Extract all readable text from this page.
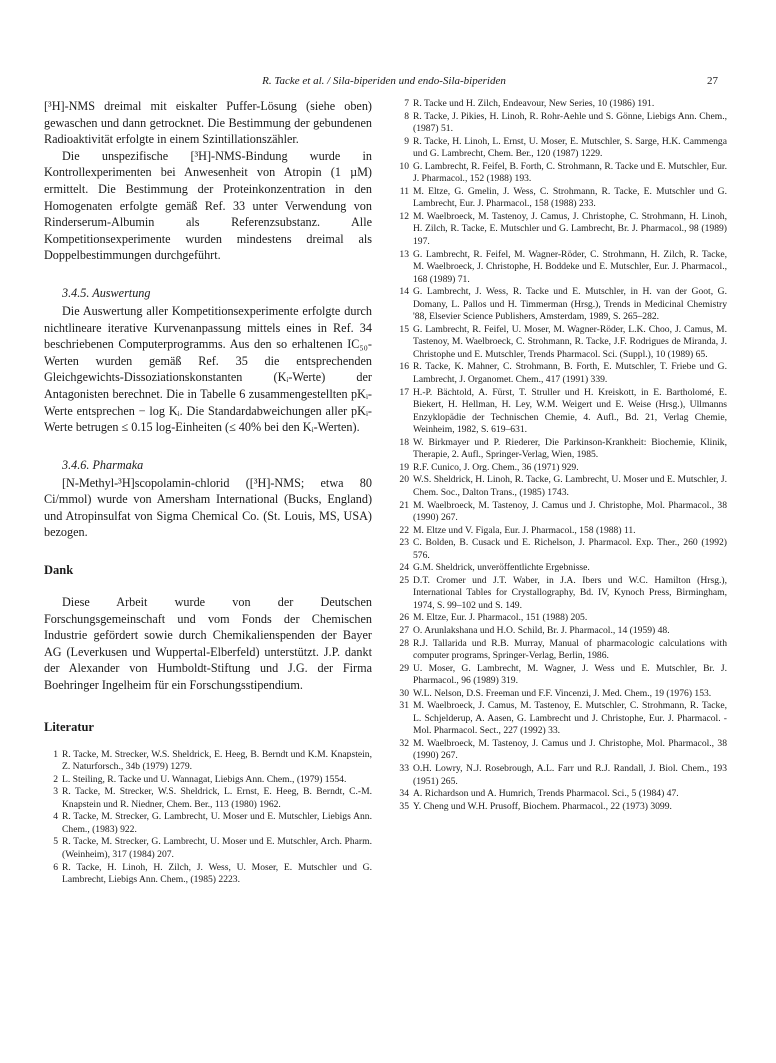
R. Tacke et al. / Sila-biperiden und endo-Sila-biperiden	27

[³H]-NMS dreimal mit eiskalter Puffer-Lösung (siehe oben) gewaschen und dann getrocknet. Die Bestimmung der gebundenen Radioaktivität erfolgte in einem Szintillationszähler.

Die unspezifische [³H]-NMS-Bindung wurde in Kontrollexperimenten bei Anwesenheit von Atropin (1 µM) ermittelt. Die Bestimmung der Proteinkonzentration in den Homogenaten erfolgte gemäß Ref. 33 unter Verwendung von Rinderserum-Albumin als Referenzsubstanz. Alle Kompetitionsexperimente wurden mindestens dreimal als Doppelbestimmungen durchgeführt.

3.4.5. Auswertung

Die Auswertung aller Kompetitionsexperimente erfolgte durch nichtlineare iterative Kurvenanpassung mittels eines in Ref. 34 beschriebenen Computerprogramms. Aus den so erhaltenen IC₅₀-Werten wurden gemäß Ref. 35 die entsprechenden Gleichgewichts-Dissoziationskonstanten (Kᵢ-Werte) der Antagonisten berechnet. Die in Tabelle 6 zusammengestellten pKᵢ-Werte entsprechen − log Kᵢ. Die Standardabweichungen aller pKᵢ-Werte betrugen ≤ 0.15 log-Einheiten (≤ 40% bei den Kᵢ-Werten).

3.4.6. Pharmaka

[N-Methyl-³H]scopolamin-chlorid ([³H]-NMS; etwa 80 Ci/mmol) wurde von Amersham International (Bucks, England) und Atropinsulfat von Sigma Chemical Co. (St. Louis, MS, USA) bezogen.

Dank

Diese Arbeit wurde von der Deutschen Forschungsgemeinschaft und vom Fonds der Chemischen Industrie gefördert sowie durch Chemikalienspenden der Bayer AG (Leverkusen und Wuppertal-Elberfeld) unterstützt. J.P. dankt der Alexander von Humboldt-Stiftung und J.G. der Firma Boehringer Ingelheim für ein Forschungsstipendium.

Literatur
1 R. Tacke, M. Strecker, W.S. Sheldrick, E. Heeg, B. Berndt und K.M. Knapstein, Z. Naturforsch., 34b (1979) 1279.
2 L. Steiling, R. Tacke und U. Wannagat, Liebigs Ann. Chem., (1979) 1554.
3 R. Tacke, M. Strecker, W.S. Sheldrick, L. Ernst, E. Heeg, B. Berndt, C.-M. Knapstein und R. Niedner, Chem. Ber., 113 (1980) 1962.
4 R. Tacke, M. Strecker, G. Lambrecht, U. Moser und E. Mutschler, Liebigs Ann. Chem., (1983) 922.
5 R. Tacke, M. Strecker, G. Lambrecht, U. Moser und E. Mutschler, Arch. Pharm. (Weinheim), 317 (1984) 207.
6 R. Tacke, H. Linoh, H. Zilch, J. Wess, U. Moser, E. Mutschler und G. Lambrecht, Liebigs Ann. Chem., (1985) 2223.
7 R. Tacke und H. Zilch, Endeavour, New Series, 10 (1986) 191.
8 R. Tacke, J. Pikies, H. Linoh, R. Rohr-Aehle und S. Gönne, Liebigs Ann. Chem., (1987) 51.
9 R. Tacke, H. Linoh, L. Ernst, U. Moser, E. Mutschler, S. Sarge, H.K. Cammenga und G. Lambrecht, Chem. Ber., 120 (1987) 1229.
10 G. Lambrecht, R. Feifel, B. Forth, C. Strohmann, R. Tacke und E. Mutschler, Eur. J. Pharmacol., 152 (1988) 193.
11 M. Eltze, G. Gmelin, J. Wess, C. Strohmann, R. Tacke, E. Mutschler und G. Lambrecht, Eur. J. Pharmacol., 158 (1988) 233.
12 M. Waelbroeck, M. Tastenoy, J. Camus, J. Christophe, C. Strohmann, H. Linoh, H. Zilch, R. Tacke, E. Mutschler und G. Lambrecht, Br. J. Pharmacol., 98 (1989) 197.
13 G. Lambrecht, R. Feifel, M. Wagner-Röder, C. Strohmann, H. Zilch, R. Tacke, M. Waelbroeck, J. Christophe, H. Boddeke und E. Mutschler, Eur. J. Pharmacol., 168 (1989) 71.
14 G. Lambrecht, J. Wess, R. Tacke und E. Mutschler, in H. van der Goot, G. Domany, L. Pallos und H. Timmerman (Hrsg.), Trends in Medicinal Chemistry '88, Elsevier Science Publishers, Amsterdam, 1989, S. 265–282.
15 G. Lambrecht, R. Feifel, U. Moser, M. Wagner-Röder, L.K. Choo, J. Camus, M. Tastenoy, M. Waelbroeck, C. Strohmann, R. Tacke, J.F. Rodrigues de Miranda, J. Christophe und E. Mutschler, Trends Pharmacol. Sci. (Suppl.), 10 (1989) 65.
16 R. Tacke, K. Mahner, C. Strohmann, B. Forth, E. Mutschler, T. Friebe und G. Lambrecht, J. Organomet. Chem., 417 (1991) 339.
17 H.-P. Bächtold, A. Fürst, T. Struller und H. Kreiskott, in E. Bartholomé, E. Biekert, H. Hellman, H. Ley, W.M. Weigert und E. Weise (Hrsg.), Ullmanns Enzyklopädie der Technischen Chemie, 4. Aufl., Bd. 21, Verlag Chemie, Weinheim, 1982, S. 619–631.
18 W. Birkmayer und P. Riederer, Die Parkinson-Krankheit: Biochemie, Klinik, Therapie, 2. Aufl., Springer-Verlag, Wien, 1985.
19 R.F. Cunico, J. Org. Chem., 36 (1971) 929.
20 W.S. Sheldrick, H. Linoh, R. Tacke, G. Lambrecht, U. Moser und E. Mutschler, J. Chem. Soc., Dalton Trans., (1985) 1743.
21 M. Waelbroeck, M. Tastenoy, J. Camus und J. Christophe, Mol. Pharmacol., 38 (1990) 267.
22 M. Eltze und V. Figala, Eur. J. Pharmacol., 158 (1988) 11.
23 C. Bolden, B. Cusack und E. Richelson, J. Pharmacol. Exp. Ther., 260 (1992) 576.
24 G.M. Sheldrick, unveröffentlichte Ergebnisse.
25 D.T. Cromer und J.T. Waber, in J.A. Ibers und W.C. Hamilton (Hrsg.), International Tables for Crystallography, Bd. IV, Kynoch Press, Birmingham, 1974, S. 99–102 und S. 149.
26 M. Eltze, Eur. J. Pharmacol., 151 (1988) 205.
27 O. Arunlakshana und H.O. Schild, Br. J. Pharmacol., 14 (1959) 48.
28 R.J. Tallarida und R.B. Murray, Manual of pharmacologic calculations with computer programs, Springer-Verlag, Berlin, 1986.
29 U. Moser, G. Lambrecht, M. Wagner, J. Wess und E. Mutschler, Br. J. Pharmacol., 96 (1989) 319.
30 W.L. Nelson, D.S. Freeman und F.F. Vincenzi, J. Med. Chem., 19 (1976) 153.
31 M. Waelbroeck, J. Camus, M. Tastenoy, E. Mutschler, C. Strohmann, R. Tacke, L. Schjelderup, A. Aasen, G. Lambrecht und J. Christophe, Eur. J. Pharmacol. - Mol. Pharmacol. Sect., 227 (1992) 33.
32 M. Waelbroeck, M. Tastenoy, J. Camus und J. Christophe, Mol. Pharmacol., 38 (1990) 267.
33 O.H. Lowry, N.J. Rosebrough, A.L. Farr und R.J. Randall, J. Biol. Chem., 193 (1951) 265.
34 A. Richardson und A. Humrich, Trends Pharmacol. Sci., 5 (1984) 47.
35 Y. Cheng und W.H. Prusoff, Biochem. Pharmacol., 22 (1973) 3099.
